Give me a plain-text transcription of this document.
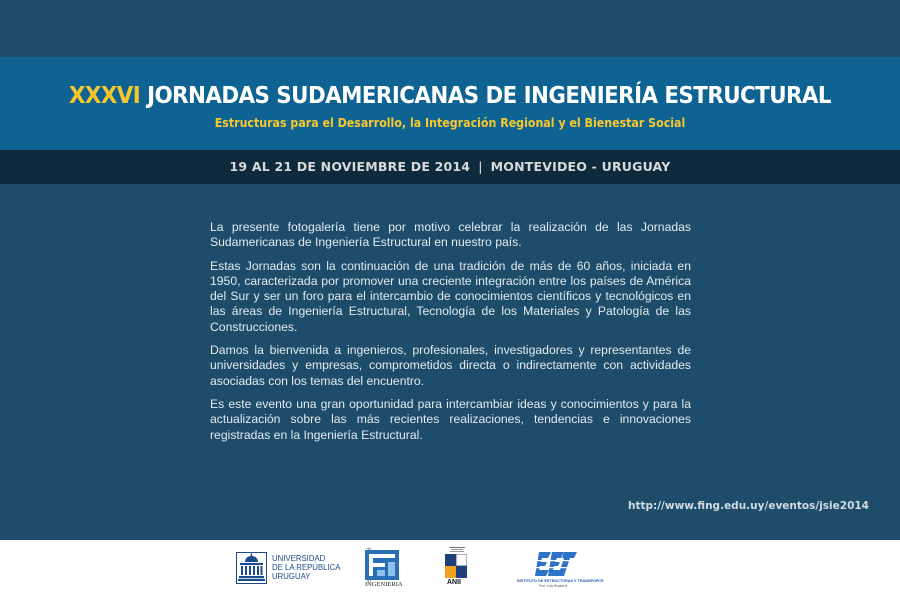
XXXVI JORNADAS SUDAMERICANAS DE INGENIERÍA ESTRUCTURAL
Estructuras para el Desarrollo, la Integración Regional y el Bienestar Social
19 AL 21 DE NOVIEMBRE DE 2014 | MONTEVIDEO - URUGUAY

La presente fotogalería tiene por motivo celebrar la realización de las Jornadas Sudamericanas de Ingeniería Estructural en nuestro país.

Estas Jornadas son la continuación de una tradición de más de 60 años, iniciada en 1950, caracterizada por promover una creciente integración entre los países de América del Sur y ser un foro para el intercambio de conocimientos científicos y tecnológicos en las áreas de Ingeniería Estructural, Tecnología de los Materiales y Patología de las Construcciones.

Damos la bienvenida a ingenieros, profesionales, investigadores y representantes de universidades y empresas, comprometidos directa o indirectamente con actividades asociadas con los temas del encuentro.

Es este evento una gran oportunidad para intercambiar ideas y conocimientos y para la actualización sobre las más recientes realizaciones, tendencias e innovaciones registradas en la Ingeniería Estructural.

http://www.fing.edu.uy/eventos/jsie2014
UNIVERSIDAD
DE LA REPÚBLICA
URUGUAY
INGENIERIA	ANII	INSTITUTO DE ESTRUCTURAS Y TRANSPORTE
Prof. Julio Ricaldoni
